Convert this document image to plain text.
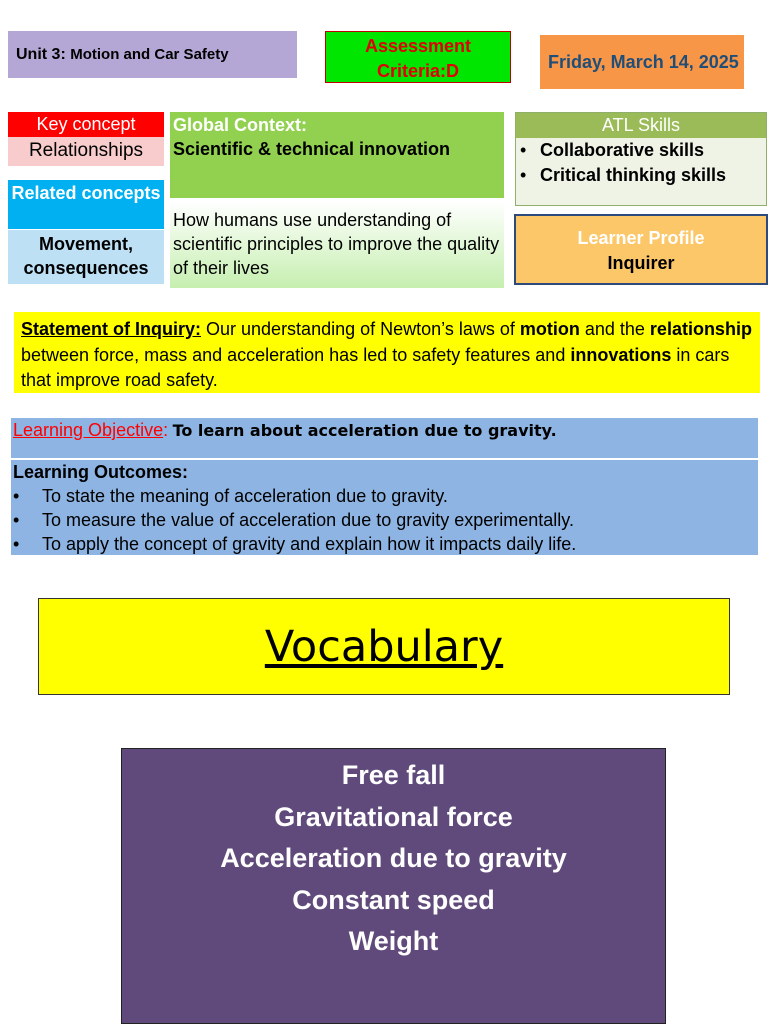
Unit 3:
Motion and Car Safety	Assessment
Criteria:D	Friday, March 14, 2025
Key concept
Relationships
Related concepts
Movement, consequences
Global Context:
Scientific & technical innovation
How humans use understanding of scientific principles to improve the quality of their lives
ATL Skills
• Collaborative skills
• Critical thinking skills
Learner Profile
Inquirer
Statement of Inquiry: Our understanding of Newton’s laws of motion and the relationship between force, mass and acceleration has led to safety features and innovations in cars that improve road safety.
Learning Objective: To learn about acceleration due to gravity.
Learning Outcomes:
• To state the meaning of acceleration due to gravity.
• To measure the value of acceleration due to gravity experimentally.
• To apply the concept of gravity and explain how it impacts daily life.
Vocabulary
Free fall
Gravitational force
Acceleration due to gravity
Constant speed
Weight
